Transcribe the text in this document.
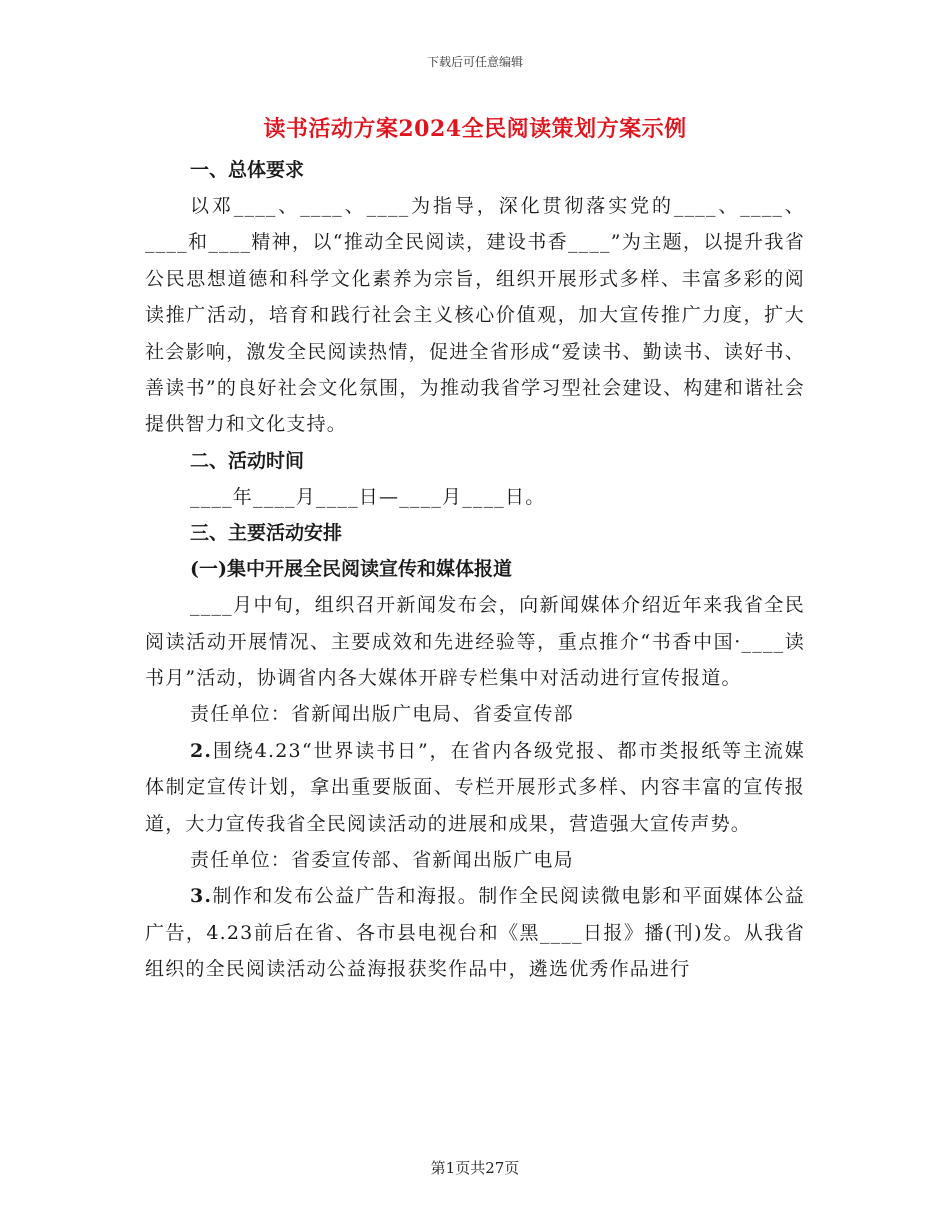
下载后可任意编辑
读书活动方案2024全民阅读策划方案示例
一、总体要求
以邓____、____、____为指导，深化贯彻落实党的____、____、____和____精神，以“推动全民阅读，建设书香____”为主题，以提升我省公民思想道德和科学文化素养为宗旨，组织开展形式多样、丰富多彩的阅读推广活动，培育和践行社会主义核心价值观，加大宣传推广力度，扩大社会影响，激发全民阅读热情，促进全省形成“爱读书、勤读书、读好书、善读书”的良好社会文化氛围，为推动我省学习型社会建设、构建和谐社会提供智力和文化支持。
二、活动时间
____年____月____日—____月____日。
三、主要活动安排
(一)集中开展全民阅读宣传和媒体报道
____月中旬，组织召开新闻发布会，向新闻媒体介绍近年来我省全民阅读活动开展情况、主要成效和先进经验等，重点推介“书香中国·____读书月”活动，协调省内各大媒体开辟专栏集中对活动进行宣传报道。
责任单位：省新闻出版广电局、省委宣传部
2.围绕4.23“世界读书日”，在省内各级党报、都市类报纸等主流媒体制定宣传计划，拿出重要版面、专栏开展形式多样、内容丰富的宣传报道，大力宣传我省全民阅读活动的进展和成果，营造强大宣传声势。
责任单位：省委宣传部、省新闻出版广电局
3.制作和发布公益广告和海报。制作全民阅读微电影和平面媒体公益广告，4.23前后在省、各市县电视台和《黑____日报》播(刊)发。从我省组织的全民阅读活动公益海报获奖作品中，遴选优秀作品进行
第1页共27页
